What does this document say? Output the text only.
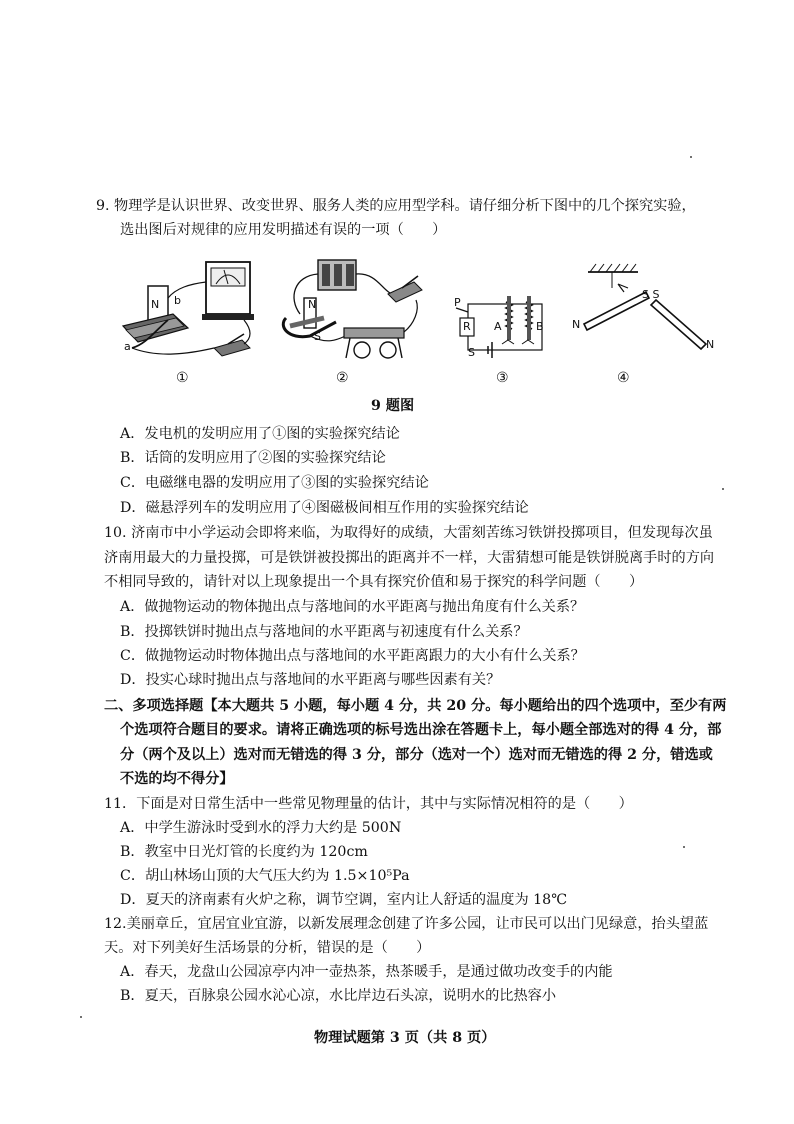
9. 物理学是认识世界、改变世界、服务人类的应用型学科。请仔细分析下图中的几个探究实验，
选出图后对规律的应用发明描述有误的一项（　　）
N b
a
①
N
S
②
P
R
S
A	B
③
N
S S
N
④
9 题图
A．发电机的发明应用了①图的实验探究结论
B．话筒的发明应用了②图的实验探究结论
C．电磁继电器的发明应用了③图的实验探究结论
D．磁悬浮列车的发明应用了④图磁极间相互作用的实验探究结论
10. 济南市中小学运动会即将来临，为取得好的成绩，大雷刻苦练习铁饼投掷项目，但发现每次虽
济南用最大的力量投掷，可是铁饼被投掷出的距离并不一样，大雷猜想可能是铁饼脱离手时的方向
不相同导致的，请针对以上现象提出一个具有探究价值和易于探究的科学问题（　　）
A．做抛物运动的物体抛出点与落地间的水平距离与抛出角度有什么关系？
B．投掷铁饼时抛出点与落地间的水平距离与初速度有什么关系？
C．做抛物运动时物体抛出点与落地间的水平距离跟力的大小有什么关系？
D．投实心球时抛出点与落地间的水平距离与哪些因素有关？
二、多项选择题【本大题共 5 小题，每小题 4 分，共 20 分。每小题给出的四个选项中，至少有两
个选项符合题目的要求。请将正确选项的标号选出涂在答题卡上，每小题全部选对的得 4 分，部
分（两个及以上）选对而无错选的得 3 分，部分（选对一个）选对而无错选的得 2 分，错选或
不选的均不得分】
11．下面是对日常生活中一些常见物理量的估计，其中与实际情况相符的是（　　）
A．中学生游泳时受到水的浮力大约是 500N
B．教室中日光灯管的长度约为 120cm
C．胡山林场山顶的大气压大约为 1.5×10⁵Pa
D．夏天的济南素有火炉之称，调节空调，室内让人舒适的温度为 18℃
12.美丽章丘，宜居宜业宜游，以新发展理念创建了许多公园，让市民可以出门见绿意，抬头望蓝
天。对下列美好生活场景的分析，错误的是（　　）
A．春天，龙盘山公园凉亭内冲一壶热茶，热茶暖手，是通过做功改变手的内能
B．夏天，百脉泉公园水沁心凉，水比岸边石头凉，说明水的比热容小
物理试题第 3 页（共 8 页）
